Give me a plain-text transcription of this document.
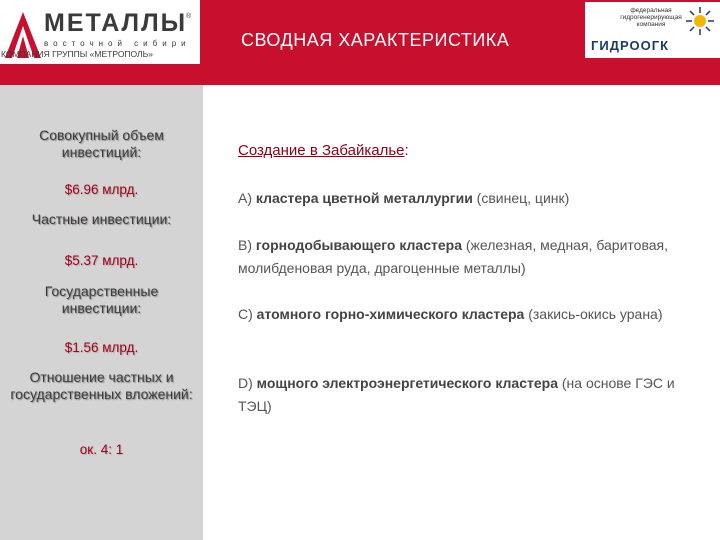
МЕТАЛЛЫ
®
восточной сибири
КОМПАНИЯ ГРУППЫ «МЕТРОПОЛЬ»
СВОДНАЯ ХАРАКТЕРИСТИКА
федеральная гидрогенерирующая компания
ГИДРООГК
Совокупный объем инвестиций:
$6.96 млрд.
Частные инвестиции:
$5.37 млрд.
Государственные инвестиции:
$1.56 млрд.
Отношение частных и государственных вложений:
ок. 4: 1
Создание в Забайкалье:
А) кластера цветной металлургии (свинец, цинк)
В) горнодобывающего кластера (железная, медная, баритовая, молибденовая руда, драгоценные металлы)
С) атомного горно-химического кластера (закись-окись урана)
D) мощного электроэнергетического кластера (на основе ГЭС и ТЭЦ)
